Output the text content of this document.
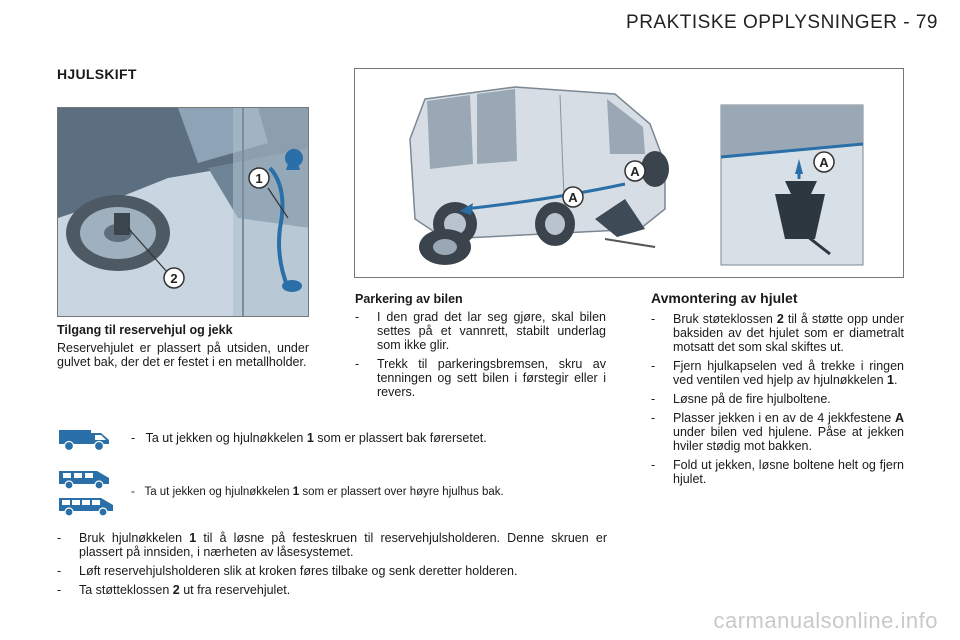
PRAKTISKE OPPLYSNINGER - 79
HJULSKIFT
1
2
A
A
A
Tilgang til reservehjul og jekk

Reservehjulet er plassert på utsiden, under gulvet bak, der det er festet i en metallholder.

Parkering av bilen
- I den grad det lar seg gjøre, skal bilen settes på et vannrett, stabilt underlag som ikke glir.
- Trekk til parkeringsbremsen, skru av tenningen og sett bilen i førstegir eller i revers.
Avmontering av hjulet
- Bruk støteklossen 2 til å støtte opp under baksiden av det hjulet som er diametralt motsatt det som skal skiftes ut.
- Fjern hjulkapselen ved å trekke i ringen ved ventilen ved hjelp av hjulnøkkelen 1.
- Løsne på de fire hjulboltene.
- Plasser jekken i en av de 4 jekkfestene A under bilen ved hjulene. Påse at jekken hviler stødig mot bakken.
- Fold ut jekken, løsne boltene helt og fjern hjulet.
- Ta ut jekken og hjulnøkkelen 1 som er plassert bak førersetet.
- Ta ut jekken og hjulnøkkelen 1 som er plassert over høyre hjulhus bak.
- Bruk hjulnøkkelen 1 til å løsne på festeskruen til reservehjulsholderen. Denne skruen er plassert på innsiden, i nærheten av låsesystemet.
- Løft reservehjulsholderen slik at kroken føres tilbake og senk deretter holderen.
- Ta støtteklossen 2 ut fra reservehjulet.
carmanualsonline.info
